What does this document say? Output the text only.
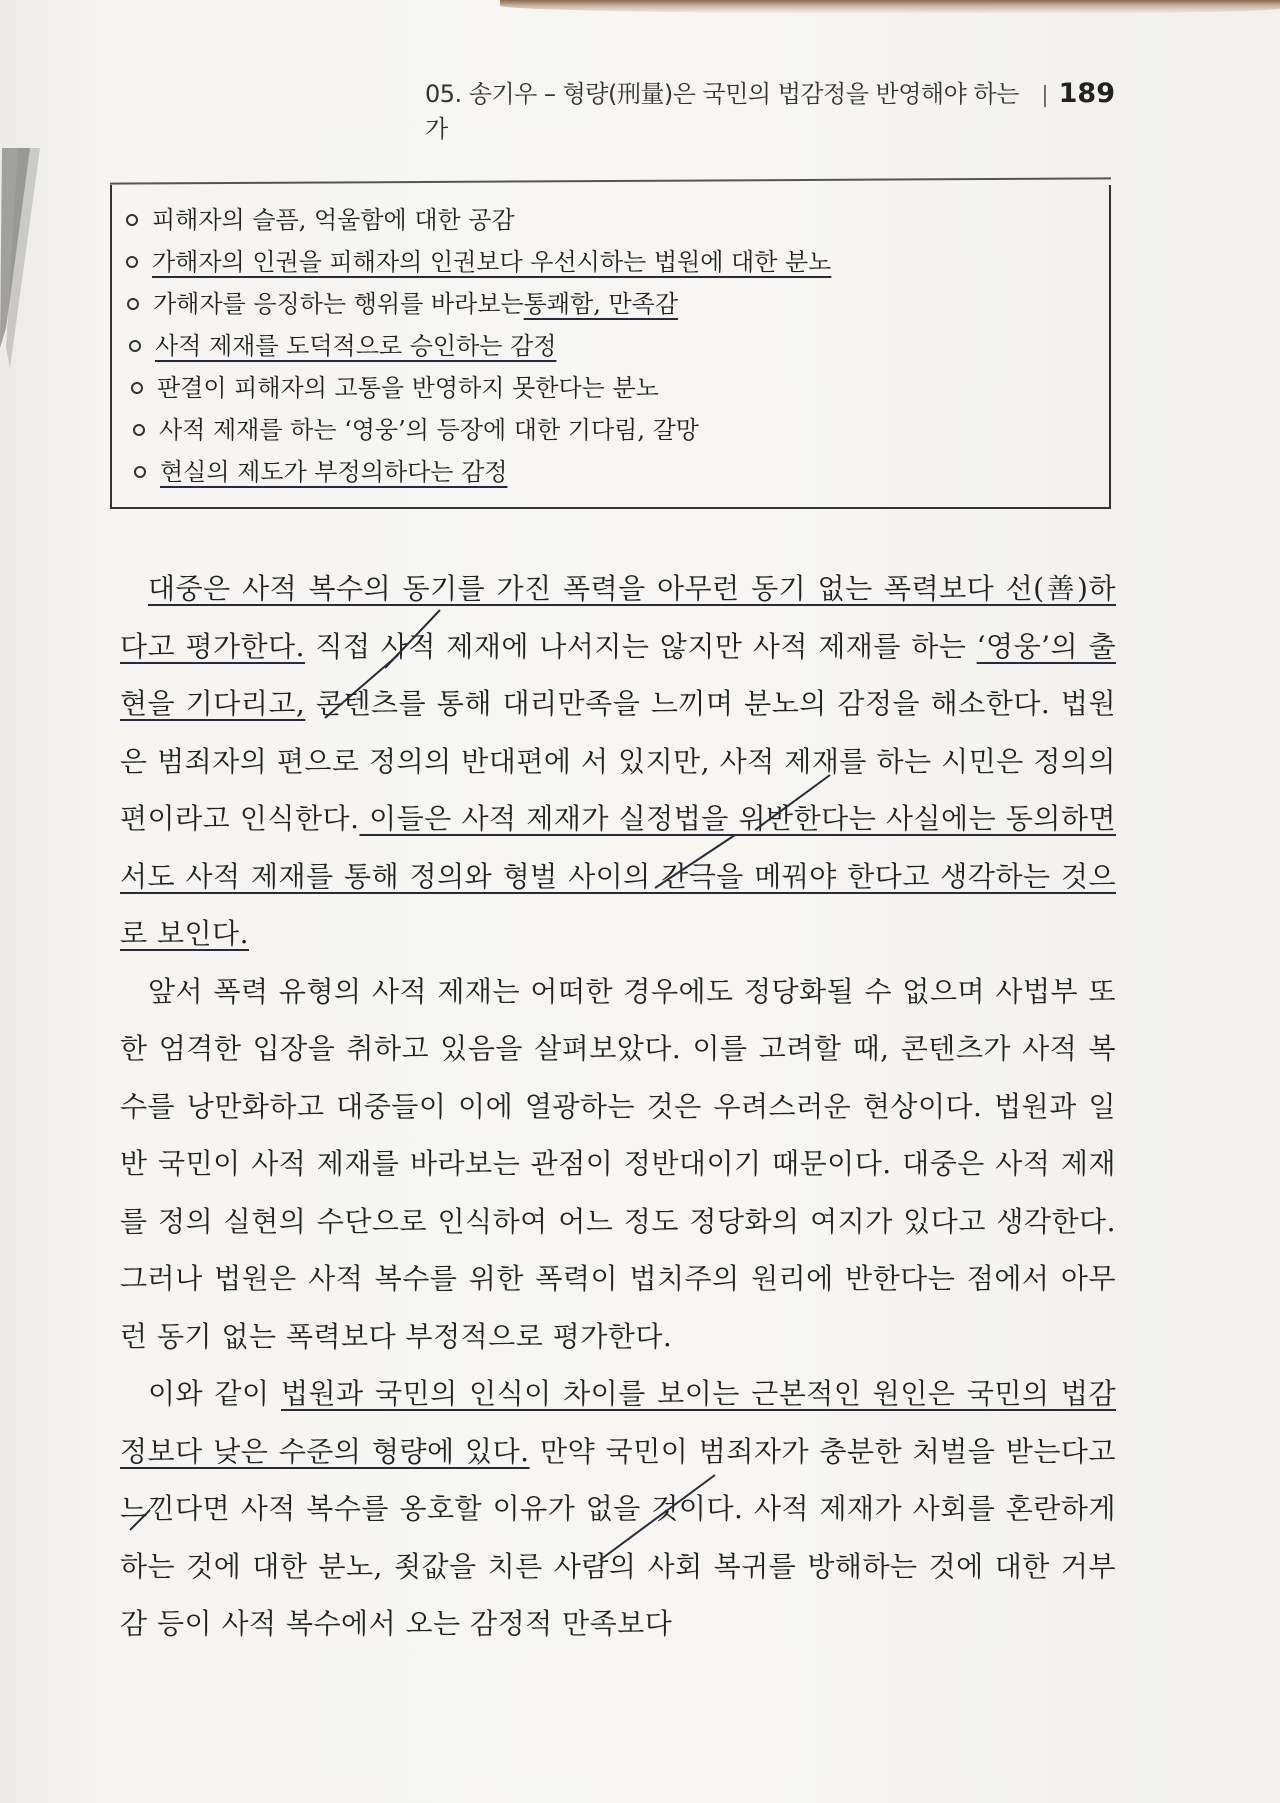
05. 송기우 – 형량(刑量)은 국민의 법감정을 반영해야 하는가
| 189
피해자의 슬픔, 억울함에 대한 공감
가해자의 인권을 피해자의 인권보다 우선시하는 법원에 대한 분노
가해자를 응징하는 행위를 바라보는 통쾌함, 만족감
사적 제재를 도덕적으로 승인하는 감정
판결이 피해자의 고통을 반영하지 못한다는 분노
사적 제재를 하는 ‘영웅’의 등장에 대한 기다림, 갈망
현실의 제도가 부정의하다는 감정

대중은 사적 복수의 동기를 가진 폭력을 아무런 동기 없는 폭력보다 선(善)하다고 평가한다. 직접 사적 제재에 나서지는 않지만 사적 제재를 하는 ‘영웅’의 출현을 기다리고, 콘텐츠를 통해 대리만족을 느끼며 분노의 감정을 해소한다. 법원은 범죄자의 편으로 정의의 반대편에 서 있지만, 사적 제재를 하는 시민은 정의의 편이라고 인식한다. 이들은 사적 제재가 실정법을 위반한다는 사실에는 동의하면서도 사적 제재를 통해 정의와 형벌 사이의 간극을 메꿔야 한다고 생각하는 것으로 보인다.

앞서 폭력 유형의 사적 제재는 어떠한 경우에도 정당화될 수 없으며 사법부 또한 엄격한 입장을 취하고 있음을 살펴보았다. 이를 고려할 때, 콘텐츠가 사적 복수를 낭만화하고 대중들이 이에 열광하는 것은 우려스러운 현상이다. 법원과 일반 국민이 사적 제재를 바라보는 관점이 정반대이기 때문이다. 대중은 사적 제재를 정의 실현의 수단으로 인식하여 어느 정도 정당화의 여지가 있다고 생각한다. 그러나 법원은 사적 복수를 위한 폭력이 법치주의 원리에 반한다는 점에서 아무런 동기 없는 폭력보다 부정적으로 평가한다.

이와 같이 법원과 국민의 인식이 차이를 보이는 근본적인 원인은 국민의 법감정보다 낮은 수준의 형량에 있다. 만약 국민이 범죄자가 충분한 처벌을 받는다고 느낀다면 사적 복수를 옹호할 이유가 없을 것이다. 사적 제재가 사회를 혼란하게 하는 것에 대한 분노, 죗값을 치른 사람의 사회 복귀를 방해하는 것에 대한 거부감 등이 사적 복수에서 오는 감정적 만족보다
